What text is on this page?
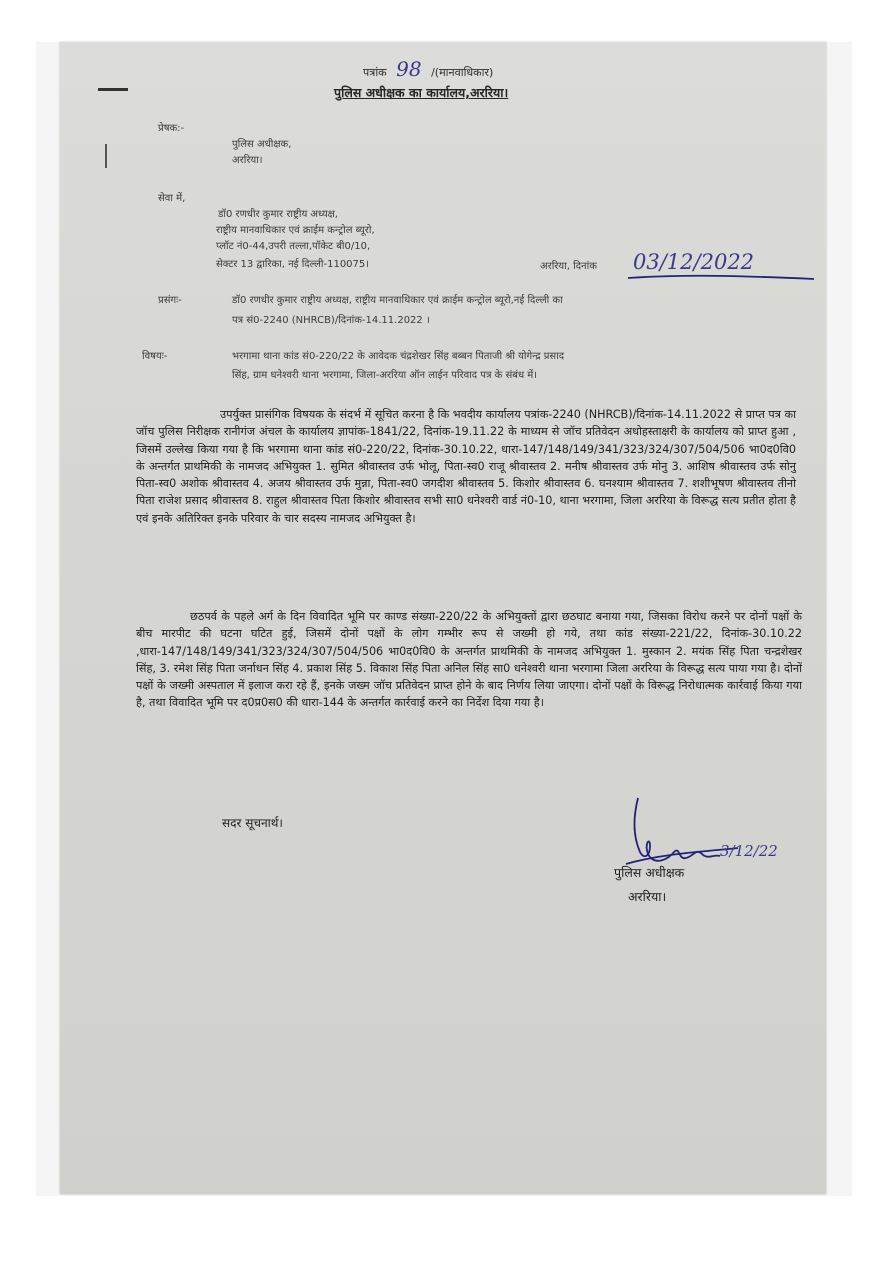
पत्रांक 98 /(मानवाधिकार)
पुलिस अधीक्षक का कार्यालय,अररिया।
प्रेषक:-
पुलिस अधीक्षक,
अररिया।
सेवा में,
डॉ0 रणधीर कुमार राष्ट्रीय अध्यक्ष,
राष्ट्रीय मानवाधिकार एवं क्राईम कन्ट्रोल ब्यूरो,
प्लॉट नं0-44,उपरी तल्ला,पॉकेट बी0/10,
सेक्टर 13 द्वारिका, नई दिल्ली-110075।	अररिया, दिनांक 03/12/2022
प्रसंगः-	डॉ0 रणधीर कुमार राष्ट्रीय अध्यक्ष, राष्ट्रीय मानवाधिकार एवं क्राईम कन्ट्रोल ब्यूरो,नई दिल्ली का
पत्र सं0-2240 (NHRCB)/दिनांक-14.11.2022 ।
विषयः-	भरगामा थाना कांड सं0-220/22 के आवेदक चंद्रशेखर सिंह बब्बन पिताजी श्री योगेन्द्र प्रसाद
सिंह, ग्राम धनेश्वरी थाना भरगामा, जिला-अररिया ऑन लाईन परिवाद पत्र के संबंध में।
उपर्युक्त प्रासंगिक विषयक के संदर्भ में सूचित करना है कि भवदीय कार्यालय पत्रांक-2240 (NHRCB)/दिनांक-14.11.2022 से प्राप्त पत्र का जॉच पुलिस निरीक्षक रानीगंज अंचल के कार्यालय ज्ञापांक-1841/22, दिनांक-19.11.22 के माध्यम से जॉच प्रतिवेदन अधोहस्ताक्षरी के कार्यालय को प्राप्त हुआ , जिसमें उल्लेख किया गया है कि भरगामा थाना कांड सं0-220/22, दिनांक-30.10.22, धारा-147/148/149/341/323/324/307/504/506 भा0द0वि0 के अन्तर्गत प्राथमिकी के नामजद अभियुक्त 1. सुमित श्रीवास्तव उर्फ भोलू, पिता-स्व0 राजू श्रीवास्तव 2. मनीष श्रीवास्तव उर्फ मोनु 3. आशिष श्रीवास्तव उर्फ सोनु पिता-स्व0 अशोक श्रीवास्तव 4. अजय श्रीवास्तव उर्फ मुन्ना, पिता-स्व0 जगदीश श्रीवास्तव 5. किशोर श्रीवास्तव 6. घनश्याम श्रीवास्तव 7. शशीभूषण श्रीवास्तव तीनो पिता राजेश प्रसाद श्रीवास्तव 8. राहुल श्रीवास्तव पिता किशोर श्रीवास्तव सभी सा0 धनेश्वरी वार्ड नं0-10, थाना भरगामा, जिला अररिया के विरूद्ध सत्य प्रतीत होता है एवं इनके अतिरिक्त इनके परिवार के चार सदस्य नामजद अभियुक्त है।
छठपर्व के पहले अर्ग के दिन विवादित भूमि पर काण्ड संख्या-220/22 के अभियुक्तों द्वारा छठघाट बनाया गया, जिसका विरोध करने पर दोनों पक्षों के बीच मारपीट की घटना घटित हुई, जिसमें दोनों पक्षों के लोग गम्भीर रूप से जख्मी हो गये, तथा कांड संख्या-221/22, दिनांक-30.10.22 ,धारा-147/148/149/341/323/324/307/504/506 भा0द0वि0 के अन्तर्गत प्राथमिकी के नामजद अभियुक्त 1. मुस्कान 2. मयंक सिंह पिता चन्द्रशेखर सिंह, 3. रमेश सिंह पिता जर्नाधन सिंह 4. प्रकाश सिंह 5. विकाश सिंह पिता अनिल सिंह सा0 धनेश्वरी थाना भरगामा जिला अररिया के विरूद्ध सत्य पाया गया है। दोनों पक्षों के जख्मी अस्पताल में इलाज करा रहे हैं, इनके जख्म जॉच प्रतिवेदन प्राप्त होने के बाद निर्णय लिया जाएगा। दोनों पक्षों के विरूद्ध निरोधात्मक कार्रवाई किया गया है, तथा विवादित भूमि पर द0प्र0स0 की धारा-144 के अन्तर्गत कार्रवाई करने का निर्देश दिया गया है।
सदर सूचनार्थ।
3/12/22
पुलिस अधीक्षक
अररिया।
